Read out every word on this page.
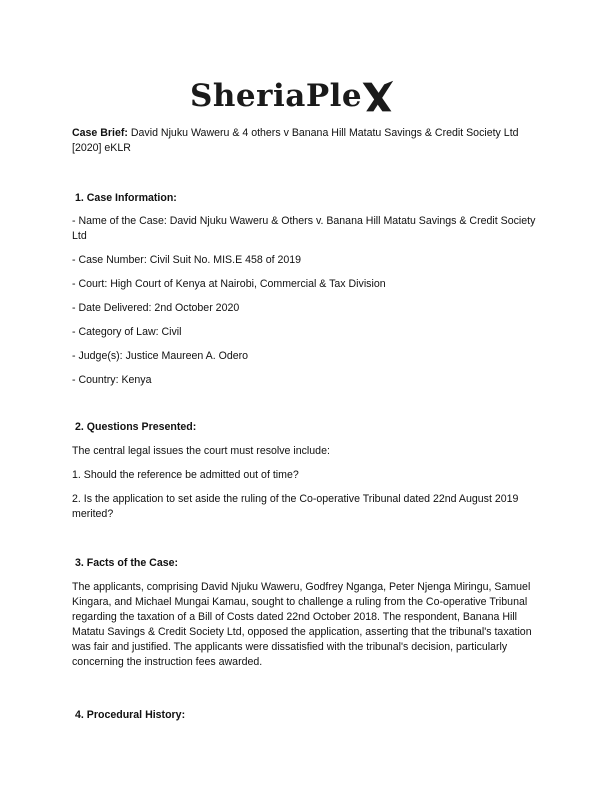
SheriaPle

Case Brief: David Njuku Waweru & 4 others v Banana Hill Matatu Savings & Credit Society Ltd [2020] eKLR

1. Case Information:

- Name of the Case: David Njuku Waweru & Others v. Banana Hill Matatu Savings & Credit Society Ltd

- Case Number: Civil Suit No. MIS.E 458 of 2019

- Court: High Court of Kenya at Nairobi, Commercial & Tax Division

- Date Delivered: 2nd October 2020

- Category of Law: Civil

- Judge(s): Justice Maureen A. Odero

- Country: Kenya

2. Questions Presented:

The central legal issues the court must resolve include:

1. Should the reference be admitted out of time?

2. Is the application to set aside the ruling of the Co-operative Tribunal dated 22nd August 2019 merited?

3. Facts of the Case:

The applicants, comprising David Njuku Waweru, Godfrey Nganga, Peter Njenga Miringu, Samuel Kingara, and Michael Mungai Kamau, sought to challenge a ruling from the Co-operative Tribunal regarding the taxation of a Bill of Costs dated 22nd October 2018. The respondent, Banana Hill Matatu Savings & Credit Society Ltd, opposed the application, asserting that the tribunal's taxation was fair and justified. The applicants were dissatisfied with the tribunal's decision, particularly concerning the instruction fees awarded.

4. Procedural History:
